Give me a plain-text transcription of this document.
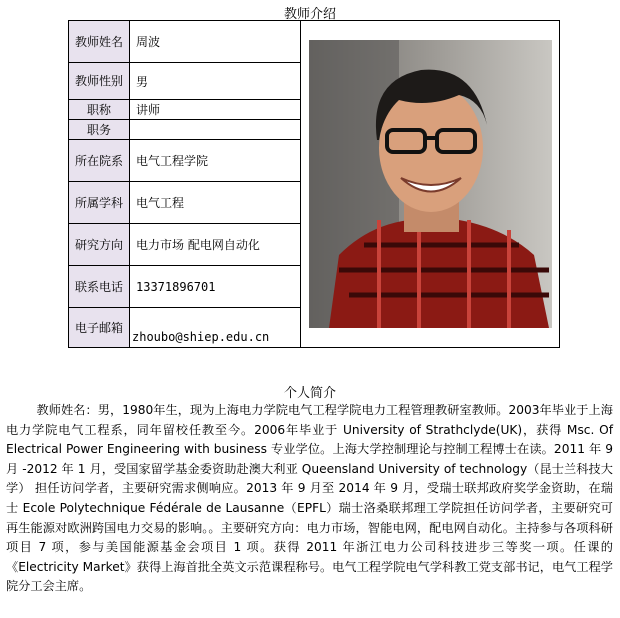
教师介绍
教师姓名	周波	

教师性别	男	
职称	讲师	
职务		
所在院系	电气工程学院	
所属学科	电气工程	
研究方向	电力市场 配电网自动化	
联系电话	13371896701	
电子邮箱	zhoubo@shiep.edu.cn	
个人简介
教师姓名：男，1980年生，现为上海电力学院电气工程学院电力工程管理教研室教师。2003年毕业于上海电力学院电气工程系，同年留校任教至今。2006年毕业于 University of Strathclyde(UK)，获得 Msc. Of Electrical Power Engineering with business 专业学位。上海大学控制理论与控制工程博士在读。2011 年 9 月 -2012 年 1 月，受国家留学基金委资助赴澳大利亚 Queensland University of technology（昆士兰科技大学） 担任访问学者，主要研究需求侧响应。2013 年 9 月至 2014 年 9 月，受瑞士联邦政府奖学金资助，在瑞士 Ecole Polytechnique Fédérale de Lausanne（EPFL）瑞士洛桑联邦理工学院担任访问学者，主要研究可再生能源对欧洲跨国电力交易的影响。。主要研究方向：电力市场，智能电网，配电网自动化。主持参与各项科研项目 7 项，参与美国能源基金会项目 1 项。获得 2011 年浙江电力公司科技进步三等奖一项。任课的《Electricity Market》获得上海首批全英文示范课程称号。电气工程学院电气学科教工党支部书记，电气工程学院分工会主席。
